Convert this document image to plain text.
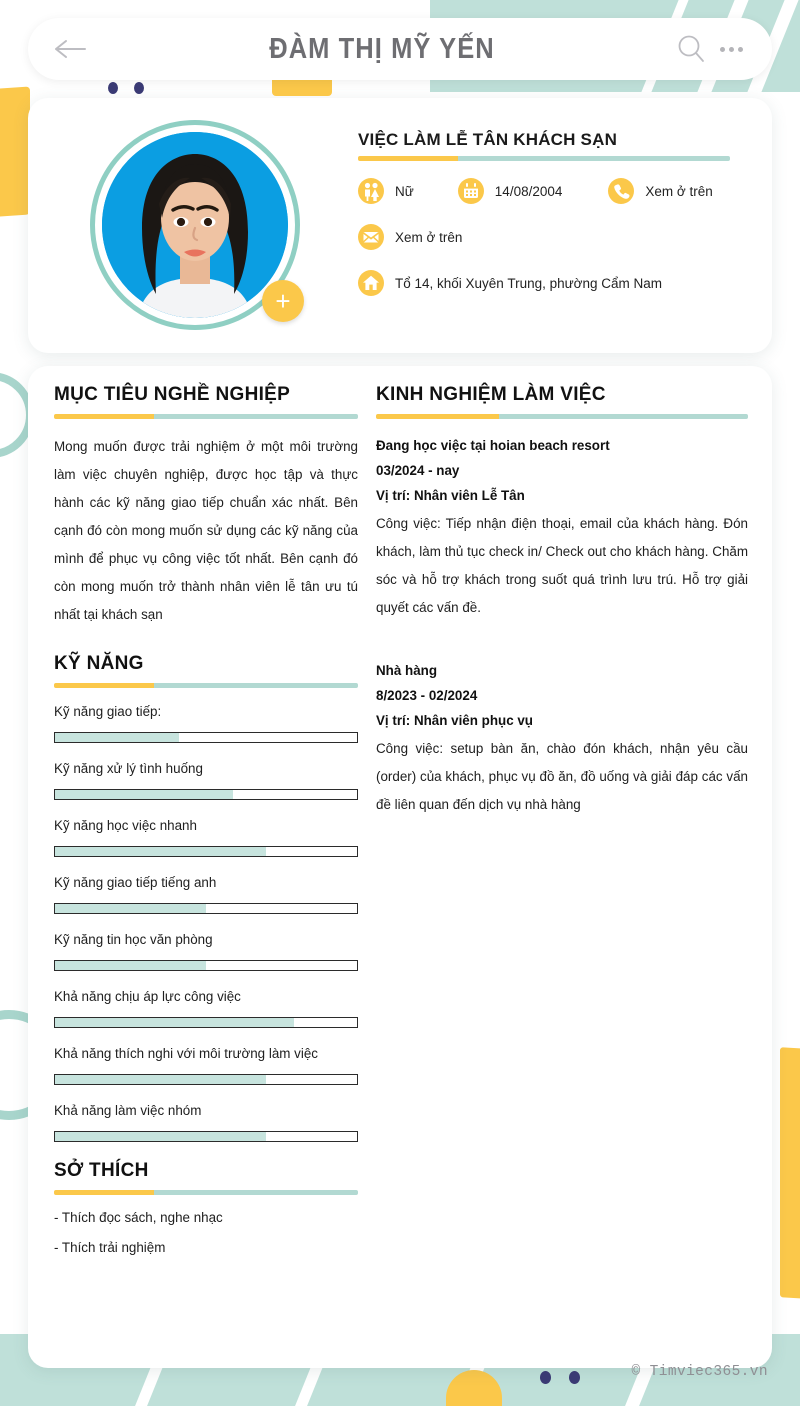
ĐÀM THỊ MỸ YẾN
+
VIỆC LÀM LỄ TÂN KHÁCH SẠN
Nữ	14/08/2004	Xem ở trên
Xem ở trên
Tổ 14, khối Xuyên Trung, phường Cẩm Nam
MỤC TIÊU NGHỀ NGHIỆP
Mong muốn được trải nghiệm ở một môi trường làm việc chuyên nghiệp, được học tập và thực hành các kỹ năng giao tiếp chuẩn xác nhất. Bên cạnh đó còn mong muốn sử dụng các kỹ năng của mình để phục vụ công việc tốt nhất. Bên cạnh đó còn mong muốn trở thành nhân viên lễ tân ưu tú nhất tại khách sạn
KỸ NĂNG
Kỹ năng giao tiếp:
Kỹ năng xử lý tình huống
Kỹ năng học việc nhanh
Kỹ năng giao tiếp tiếng anh
Kỹ năng tin học văn phòng
Khả năng chịu áp lực công việc
Khả năng thích nghi với môi trường làm việc
Khả năng làm việc nhóm
SỞ THÍCH
- Thích đọc sách, nghe nhạc
- Thích trải nghiệm
KINH NGHIỆM LÀM VIỆC
Đang học việc tại hoian beach resort
03/2024 - nay
Vị trí: Nhân viên Lễ Tân
Công việc: Tiếp nhận điện thoại, email của khách hàng. Đón khách, làm thủ tục check in/ Check out cho khách hàng. Chăm sóc và hỗ trợ khách trong suốt quá trình lưu trú. Hỗ trợ giải quyết các vấn đề.
Nhà hàng
8/2023 - 02/2024
Vị trí: Nhân viên phục vụ
Công việc: setup bàn ăn, chào đón khách, nhận yêu cầu (order) của khách, phục vụ đồ ăn, đồ uống và giải đáp các vấn đề liên quan đến dịch vụ nhà hàng
© Timviec365.vn
